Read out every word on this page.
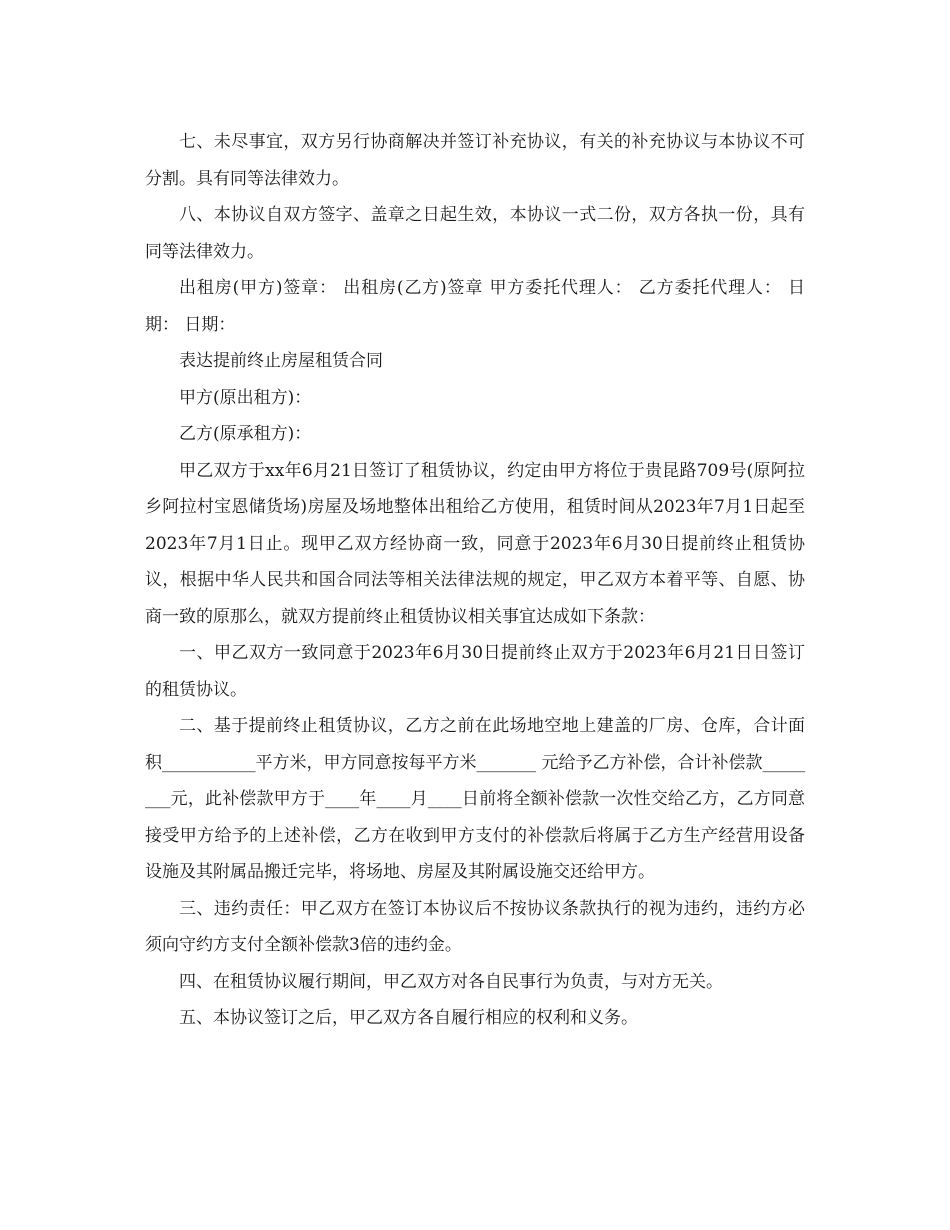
七、未尽事宜，双方另行协商解决并签订补充协议，有关的补充协议与本协议不可分割。具有同等法律效力。

八、本协议自双方签字、盖章之日起生效，本协议一式二份，双方各执一份，具有同等法律效力。

出租房(甲方)签章： 出租房(乙方)签章 甲方委托代理人： 乙方委托代理人： 日期： 日期：

表达提前终止房屋租赁合同

甲方(原出租方)：

乙方(原承租方)：

甲乙双方于xx年6月21日签订了租赁协议，约定由甲方将位于贵昆路709号(原阿拉乡阿拉村宝恩储货场)房屋及场地整体出租给乙方使用，租赁时间从2023年7月1日起至2023年7月1日止。现甲乙双方经协商一致，同意于2023年6月30日提前终止租赁协议，根据中华人民共和国合同法等相关法律法规的规定，甲乙双方本着平等、自愿、协商一致的原那么，就双方提前终止租赁协议相关事宜达成如下条款：

一、甲乙双方一致同意于2023年6月30日提前终止双方于2023年6月21日日签订的租赁协议。

二、基于提前终止租赁协议，乙方之前在此场地空地上建盖的厂房、仓库，合计面积___________平方米，甲方同意按每平方米_______ 元给予乙方补偿，合计补偿款________元，此补偿款甲方于____年____月____日前将全额补偿款一次性交给乙方，乙方同意接受甲方给予的上述补偿，乙方在收到甲方支付的补偿款后将属于乙方生产经营用设备设施及其附属品搬迁完毕，将场地、房屋及其附属设施交还给甲方。

三、违约责任：甲乙双方在签订本协议后不按协议条款执行的视为违约，违约方必须向守约方支付全额补偿款3倍的违约金。

四、在租赁协议履行期间，甲乙双方对各自民事行为负责，与对方无关。

五、本协议签订之后，甲乙双方各自履行相应的权利和义务。
